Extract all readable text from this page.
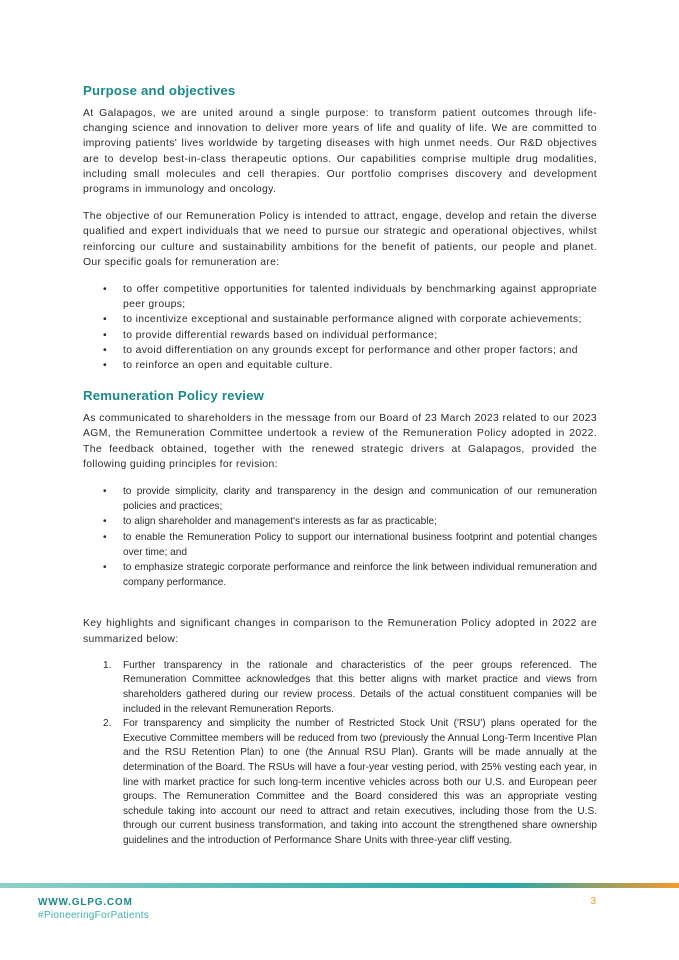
Purpose and objectives

At Galapagos, we are united around a single purpose: to transform patient outcomes through life-changing science and innovation to deliver more years of life and quality of life. We are committed to improving patients' lives worldwide by targeting diseases with high unmet needs. Our R&D objectives are to develop best-in-class therapeutic options. Our capabilities comprise multiple drug modalities, including small molecules and cell therapies. Our portfolio comprises discovery and development programs in immunology and oncology.

The objective of our Remuneration Policy is intended to attract, engage, develop and retain the diverse qualified and expert individuals that we need to pursue our strategic and operational objectives, whilst reinforcing our culture and sustainability ambitions for the benefit of patients, our people and planet. Our specific goals for remuneration are:

• to offer competitive opportunities for talented individuals by benchmarking against appropriate peer groups;
• to incentivize exceptional and sustainable performance aligned with corporate achievements;
• to provide differential rewards based on individual performance;
• to avoid differentiation on any grounds except for performance and other proper factors; and
• to reinforce an open and equitable culture.
Remuneration Policy review

As communicated to shareholders in the message from our Board of 23 March 2023 related to our 2023 AGM, the Remuneration Committee undertook a review of the Remuneration Policy adopted in 2022. The feedback obtained, together with the renewed strategic drivers at Galapagos, provided the following guiding principles for revision:

• to provide simplicity, clarity and transparency in the design and communication of our remuneration policies and practices;
• to align shareholder and management's interests as far as practicable;
• to enable the Remuneration Policy to support our international business footprint and potential changes over time; and
• to emphasize strategic corporate performance and reinforce the link between individual remuneration and company performance.

Key highlights and significant changes in comparison to the Remuneration Policy adopted in 2022 are summarized below:

1. Further transparency in the rationale and characteristics of the peer groups referenced. The Remuneration Committee acknowledges that this better aligns with market practice and views from shareholders gathered during our review process. Details of the actual constituent companies will be included in the relevant Remuneration Reports.
2. For transparency and simplicity the number of Restricted Stock Unit ('RSU') plans operated for the Executive Committee members will be reduced from two (previously the Annual Long-Term Incentive Plan and the RSU Retention Plan) to one (the Annual RSU Plan). Grants will be made annually at the determination of the Board. The RSUs will have a four-year vesting period, with 25% vesting each year, in line with market practice for such long-term incentive vehicles across both our U.S. and European peer groups. The Remuneration Committee and the Board considered this was an appropriate vesting schedule taking into account our need to attract and retain executives, including those from the U.S. through our current business transformation, and taking into account the strengthened share ownership guidelines and the introduction of Performance Share Units with three-year cliff vesting.
WWW.GLPG.COM
#PioneeringForPatients
3
